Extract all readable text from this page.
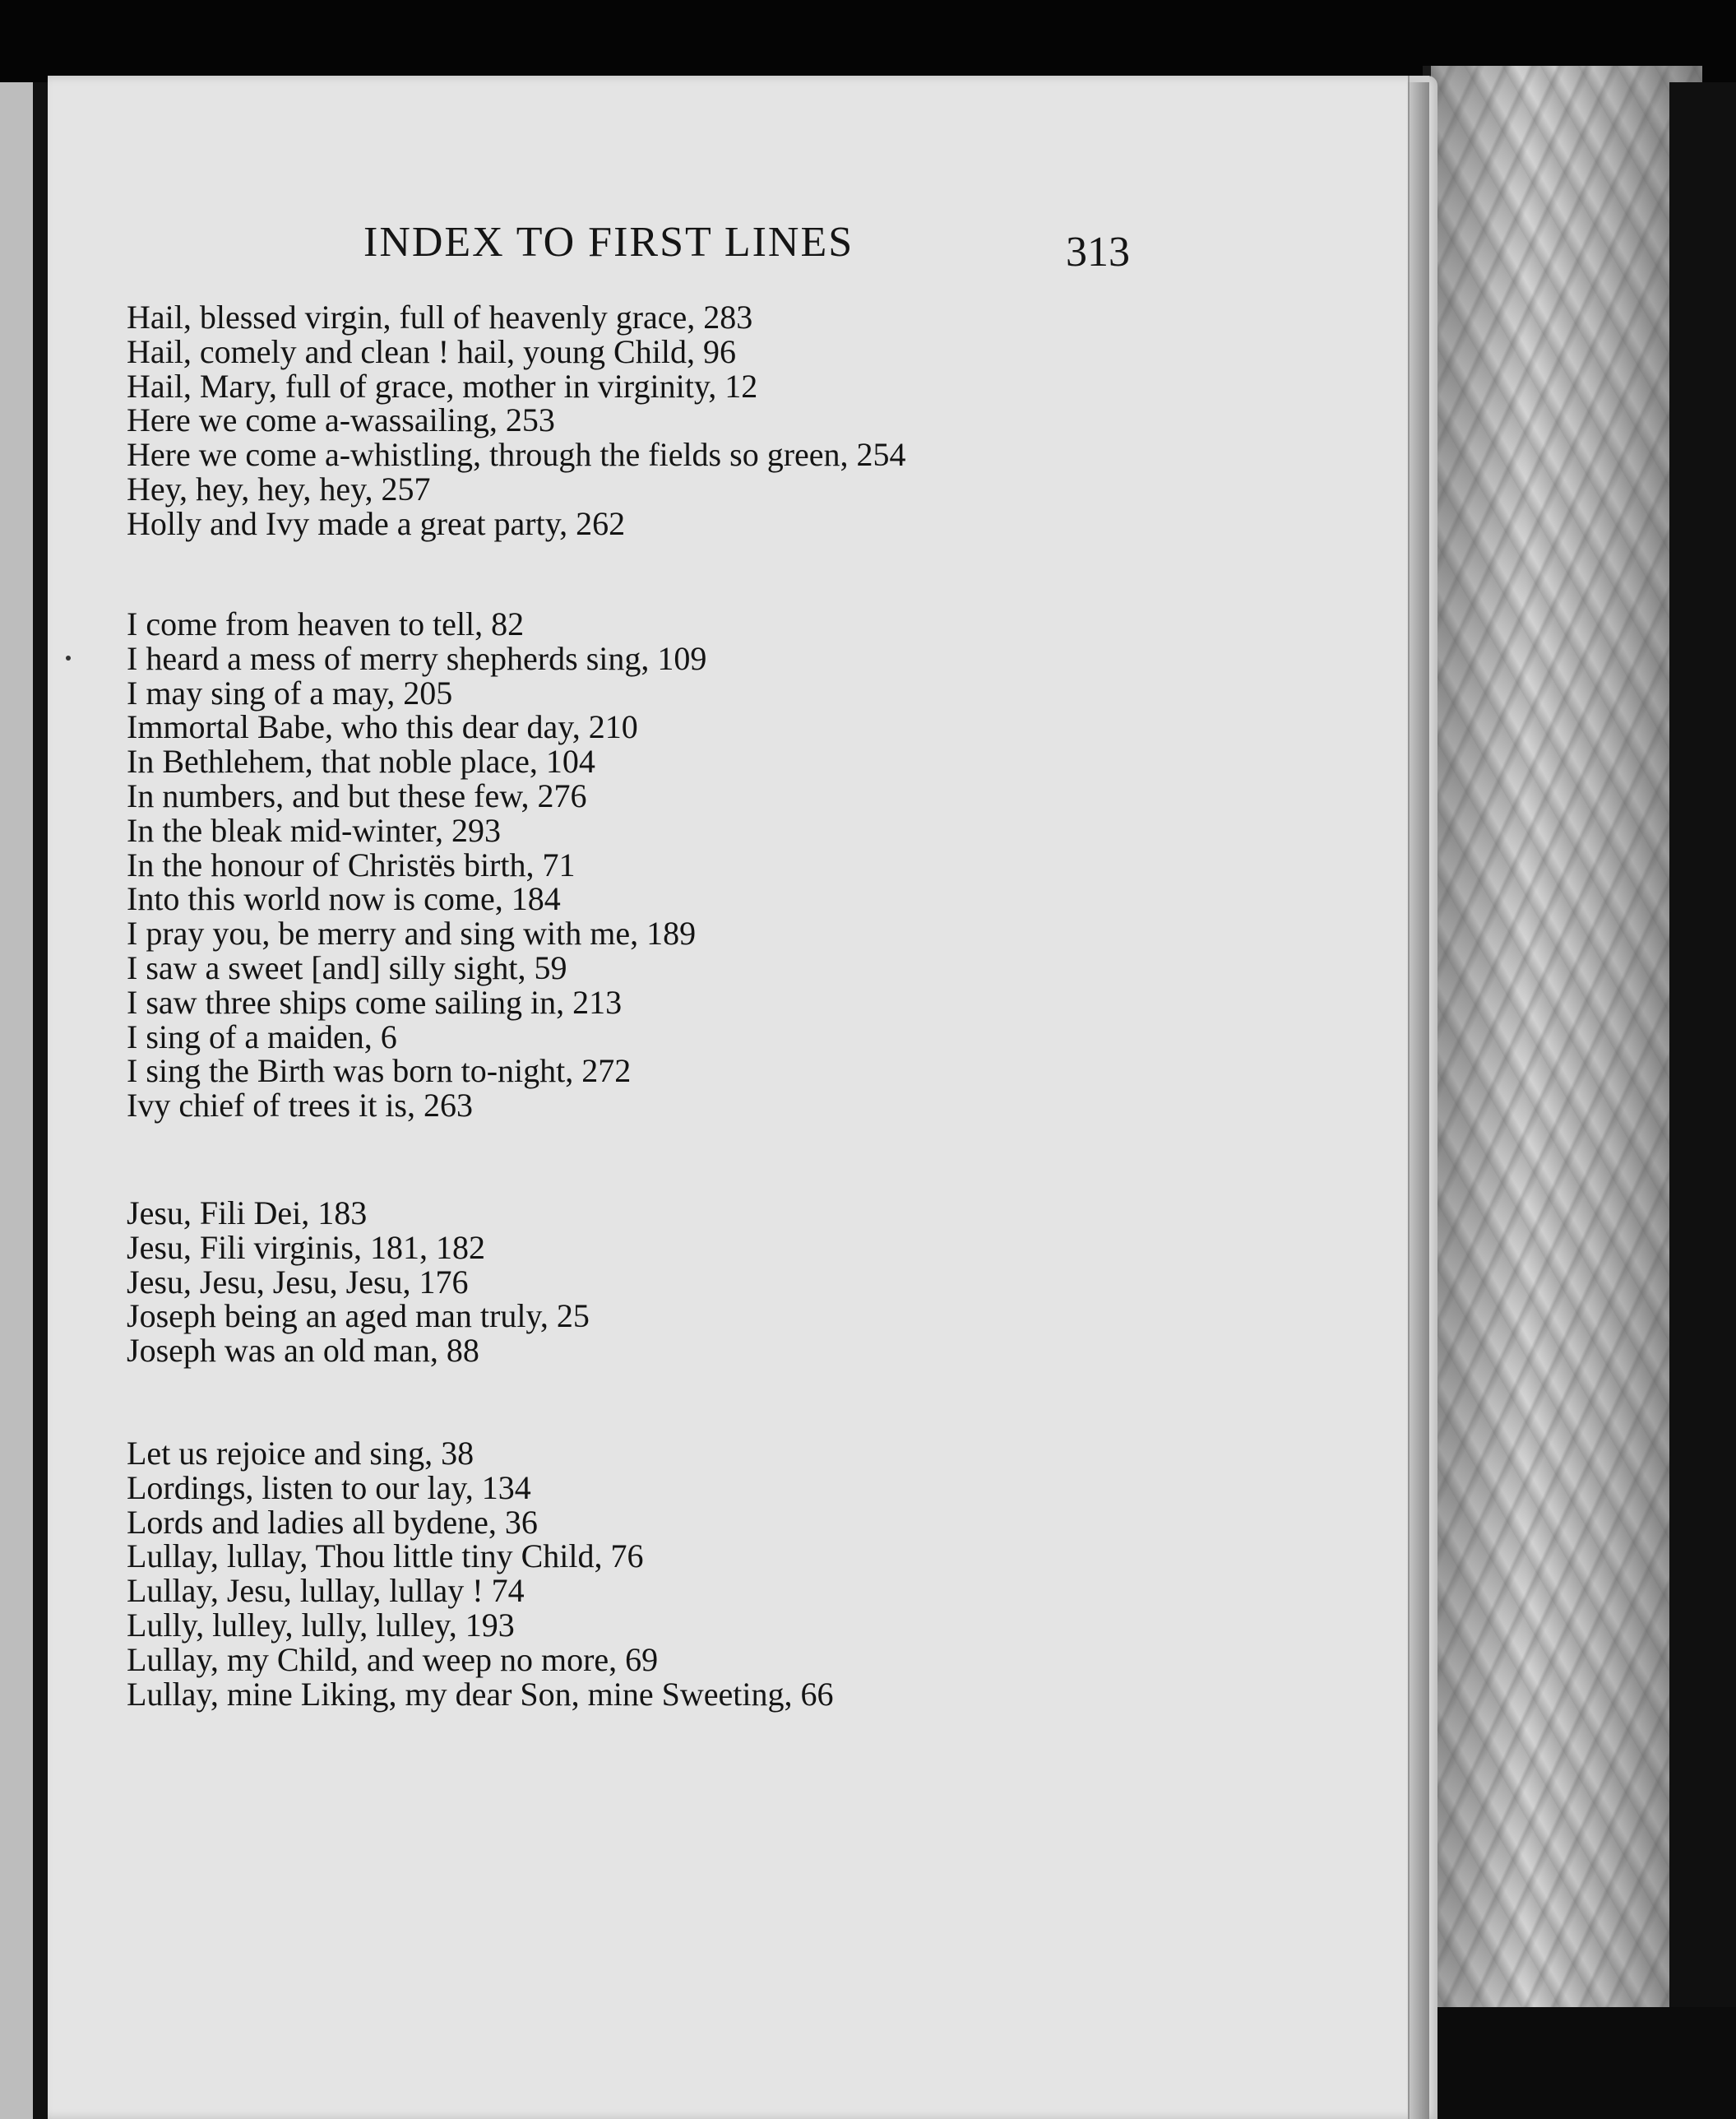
INDEX TO FIRST LINES	313
Hail, blessed virgin, full of heavenly grace, 283
Hail, comely and clean ! hail, young Child, 96
Hail, Mary, full of grace, mother in virginity, 12
Here we come a-wassailing, 253
Here we come a-whistling, through the fields so green, 254
Hey, hey, hey, hey, 257
Holly and Ivy made a great party, 262
I come from heaven to tell, 82
I heard a mess of merry shepherds sing, 109
I may sing of a may, 205
Immortal Babe, who this dear day, 210
In Bethlehem, that noble place, 104
In numbers, and but these few, 276
In the bleak mid-winter, 293
In the honour of Christës birth, 71
Into this world now is come, 184
I pray you, be merry and sing with me, 189
I saw a sweet [and] silly sight, 59
I saw three ships come sailing in, 213
I sing of a maiden, 6
I sing the Birth was born to-night, 272
Ivy chief of trees it is, 263
Jesu, Fili Dei, 183
Jesu, Fili virginis, 181, 182
Jesu, Jesu, Jesu, Jesu, 176
Joseph being an aged man truly, 25
Joseph was an old man, 88
Let us rejoice and sing, 38
Lordings, listen to our lay, 134
Lords and ladies all bydene, 36
Lullay, lullay, Thou little tiny Child, 76
Lullay, Jesu, lullay, lullay ! 74
Lully, lulley, lully, lulley, 193
Lullay, my Child, and weep no more, 69
Lullay, mine Liking, my dear Son, mine Sweeting, 66
